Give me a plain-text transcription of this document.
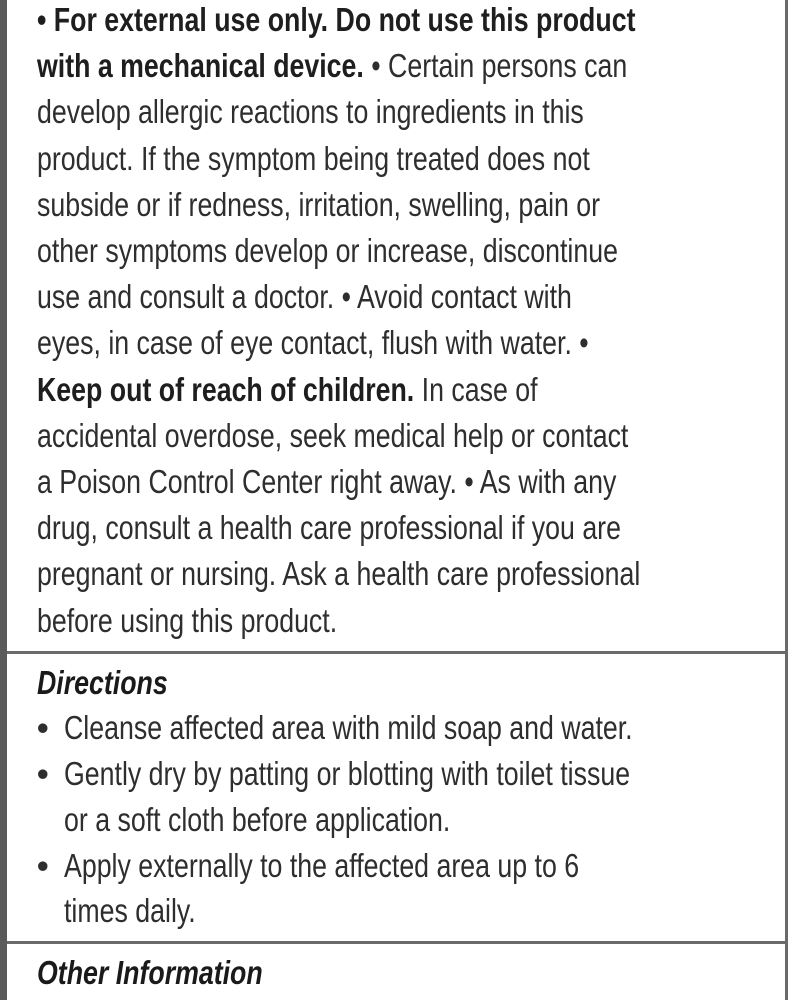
• For external use only. Do not use this product
with a mechanical device. • Certain persons can
develop allergic reactions to ingredients in this
product. If the symptom being treated does not
subside or if redness, irritation, swelling, pain or
other symptoms develop or increase, discontinue
use and consult a doctor. • Avoid contact with
eyes, in case of eye contact, flush with water. •
Keep out of reach of children. In case of
accidental overdose, seek medical help or contact
a Poison Control Center right away. • As with any
drug, consult a health care professional if you are
pregnant or nursing. Ask a health care professional
before using this product.
Directions
• Cleanse affected area with mild soap and water.
• Gently dry by patting or blotting with toilet tissue
or a soft cloth before application.
• Apply externally to the affected area up to 6
times daily.
Other Information
